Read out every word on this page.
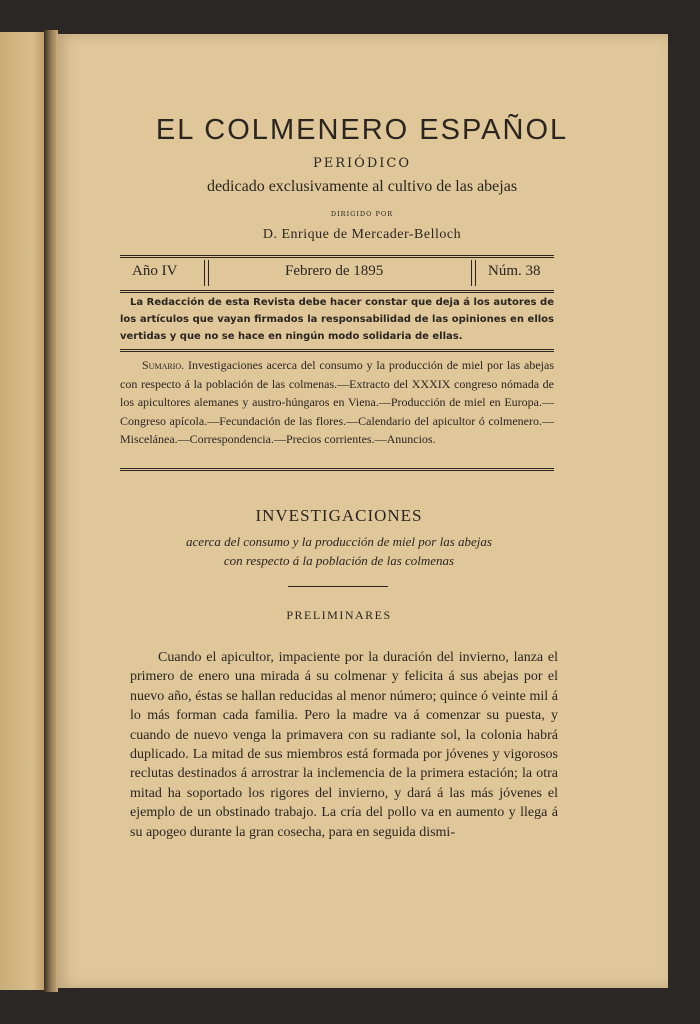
EL COLMENERO ESPAÑOL
PERIÓDICO
dedicado exclusivamente al cultivo de las abejas
DIRIGIDO POR
D. Enrique de Mercader-Belloch
Año IV	Febrero de 1895	Núm. 38
La Redacción de esta Revista debe hacer constar que deja á los autores de los artículos que vayan firmados la responsabilidad de las opiniones en ellos vertidas y que no se hace en ningún modo solidaria de ellas.
Sumario. Investigaciones acerca del consumo y la producción de miel por las abejas con respecto á la población de las colmenas.—Extracto del XXXIX congreso nómada de los apicultores alemanes y austro-húngaros en Viena.—Producción de miel en Europa.—Congreso apícola.—Fecundación de las flores.—Calendario del apicultor ó colmenero.—Miscelánea.—Correspondencia.—Precios corrientes.—Anuncios.
INVESTIGACIONES
acerca del consumo y la producción de miel por las abejas
con respecto á la población de las colmenas
PRELIMINARES
Cuando el apicultor, impaciente por la duración del invierno, lanza el primero de enero una mirada á su colmenar y felicita á sus abejas por el nuevo año, éstas se hallan reducidas al menor número; quince ó veinte mil á lo más forman cada familia. Pero la madre va á comenzar su puesta, y cuando de nuevo venga la primavera con su radiante sol, la colonia habrá duplicado. La mitad de sus miembros está formada por jóvenes y vigorosos reclutas destinados á arrostrar la inclemencia de la primera estación; la otra mitad ha soportado los rigores del invierno, y dará á las más jóvenes el ejemplo de un obstinado trabajo. La cría del pollo va en aumento y llega á su apogeo durante la gran cosecha, para en seguida dismi-
